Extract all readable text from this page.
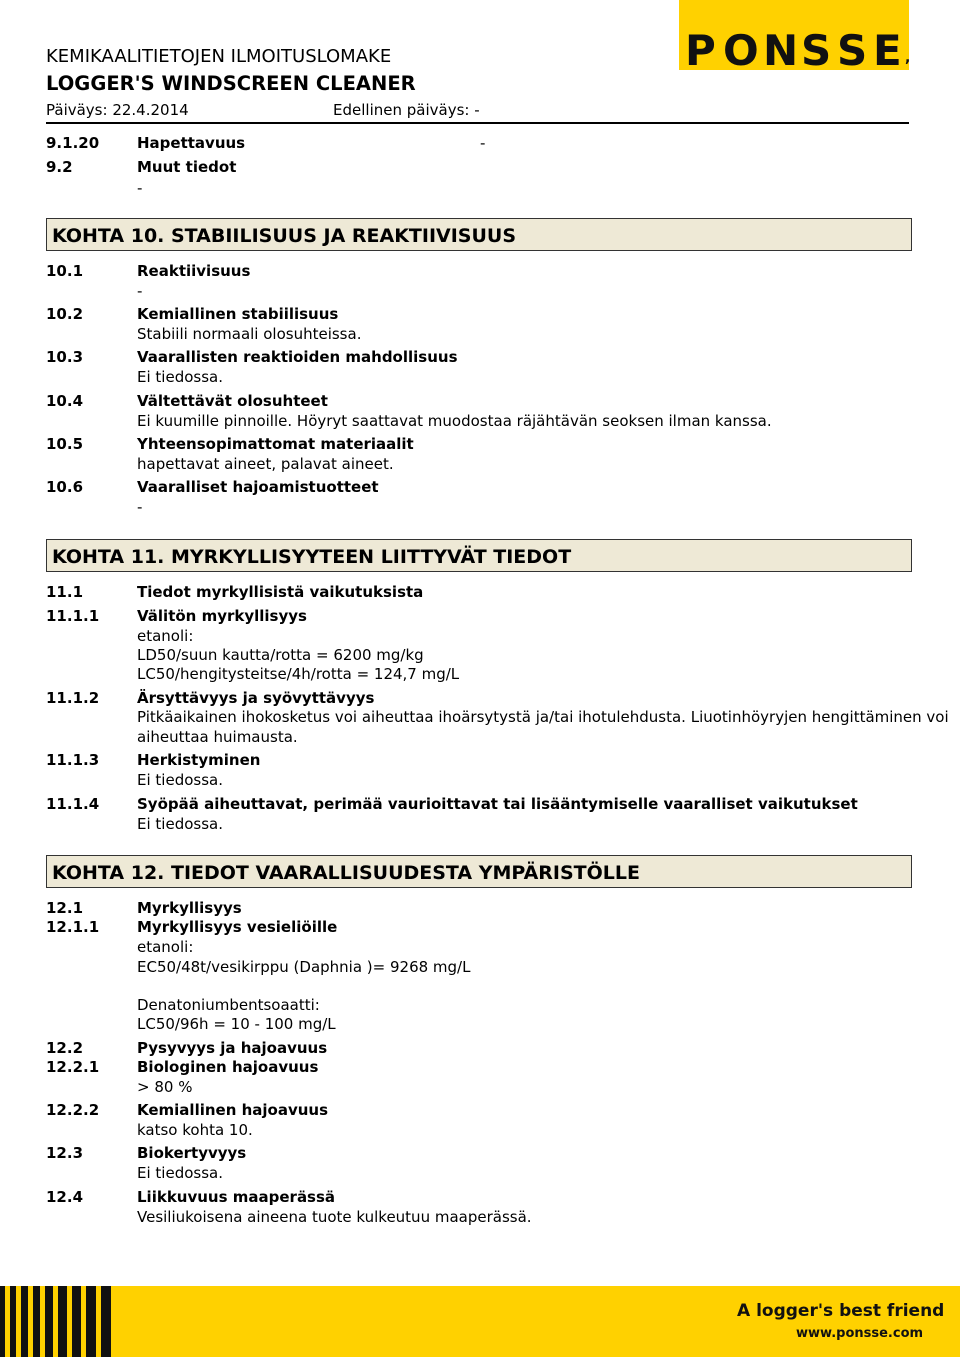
KEMIKAALITIETOJEN ILMOITUSLOMAKE
LOGGER'S WINDSCREEN CLEANER
Päiväys: 22.4.2014	Edellinen päiväys: -
P O N S S E ,
9.1.20	Hapettavuus	-
9.2	Muut tiedot
-
KOHTA 10. STABIILISUUS JA REAKTIIVISUUS
10.1	Reaktiivisuus
-
10.2	Kemiallinen stabiilisuus
Stabiili normaali olosuhteissa.
10.3	Vaarallisten reaktioiden mahdollisuus
Ei tiedossa.
10.4	Vältettävät olosuhteet
Ei kuumille pinnoille. Höyryt saattavat muodostaa räjähtävän seoksen ilman kanssa.
10.5	Yhteensopimattomat materiaalit
hapettavat aineet, palavat aineet.
10.6	Vaaralliset hajoamistuotteet
-
KOHTA 11. MYRKYLLISYYTEEN LIITTYVÄT TIEDOT
11.1	Tiedot myrkyllisistä vaikutuksista
11.1.1	Välitön myrkyllisyys
etanoli:
LD50/suun kautta/rotta = 6200 mg/kg
LC50/hengitysteitse/4h/rotta = 124,7 mg/L
11.1.2	Ärsyttävyys ja syövyttävyys
Pitkäaikainen ihokosketus voi aiheuttaa ihoärsytystä ja/tai ihotulehdusta. Liuotinhöyryjen hengittäminen voi
aiheuttaa huimausta.
11.1.3	Herkistyminen
Ei tiedossa.
11.1.4	Syöpää aiheuttavat, perimää vaurioittavat tai lisääntymiselle vaaralliset vaikutukset
Ei tiedossa.
KOHTA 12. TIEDOT VAARALLISUUDESTA YMPÄRISTÖLLE
12.1	Myrkyllisyys
12.1.1	Myrkyllisyys vesieliöille
etanoli:
EC50/48t/vesikirppu (Daphnia )= 9268 mg/L
Denatoniumbentsoaatti:
LC50/96h = 10 - 100 mg/L
12.2	Pysyvyys ja hajoavuus
12.2.1	Biologinen hajoavuus
> 80 %
12.2.2	Kemiallinen hajoavuus
katso kohta 10.
12.3	Biokertyvyys
Ei tiedossa.
12.4	Liikkuvuus maaperässä
Vesiliukoisena aineena tuote kulkeutuu maaperässä.
A logger's best friend
www.ponsse.com
